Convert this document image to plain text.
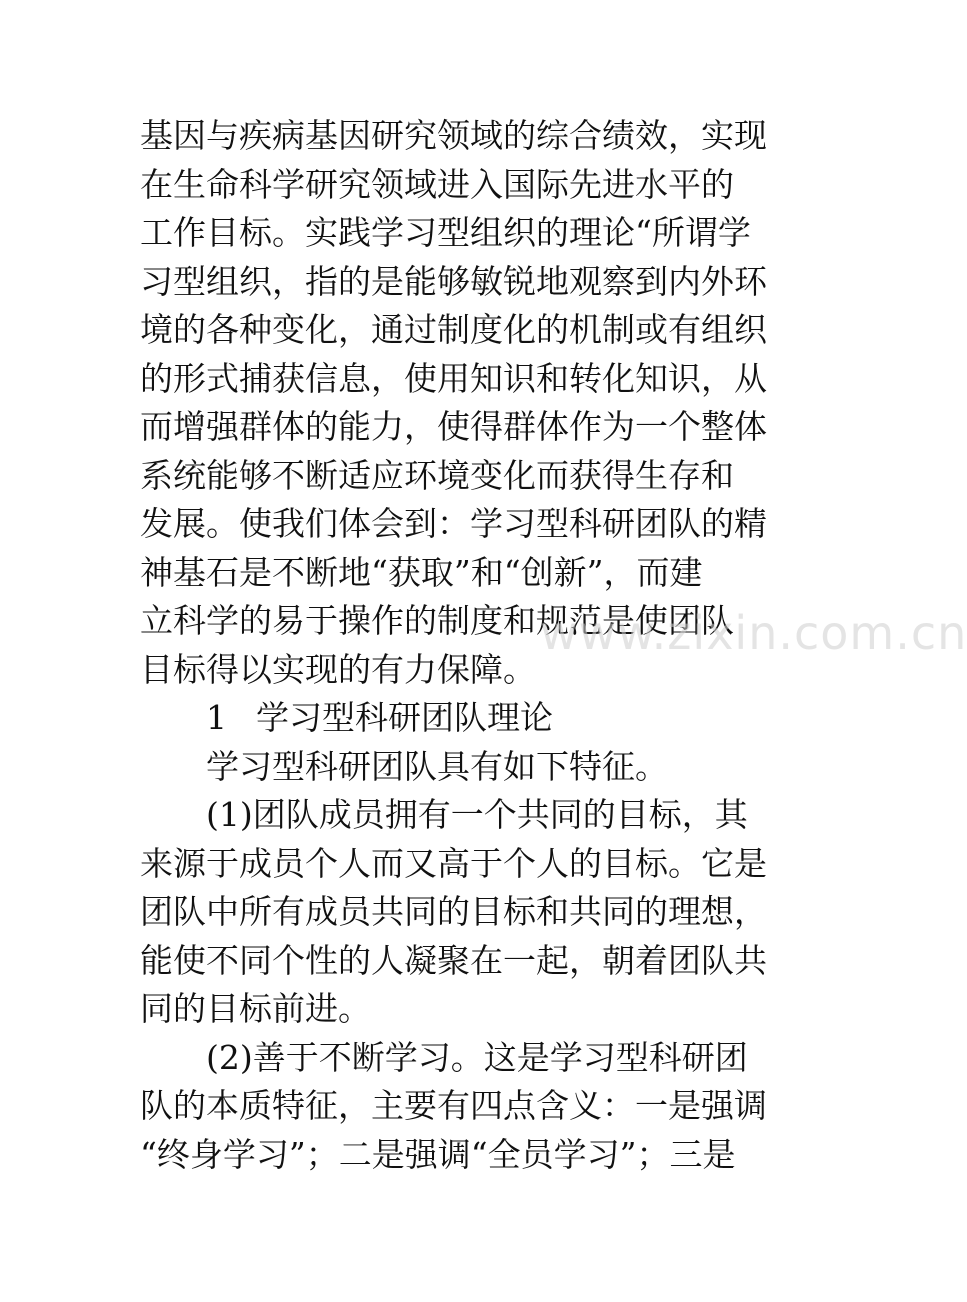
基因与疾病基因研究领域的综合绩效，实现
在生命科学研究领域进入国际先进水平的
工作目标。实践学习型组织的理论“所谓学
习型组织，指的是能够敏锐地观察到内外环
境的各种变化，通过制度化的机制或有组织
的形式捕获信息，使用知识和转化知识，从
而增强群体的能力，使得群体作为一个整体
系统能够不断适应环境变化而获得生存和
发展。使我们体会到：学习型科研团队的精
神基石是不断地“获取”和“创新”，而建
立科学的易于操作的制度和规范是使团队
目标得以实现的有力保障。
1 学习型科研团队理论
学习型科研团队具有如下特征。
(1)团队成员拥有一个共同的目标，其
来源于成员个人而又高于个人的目标。它是
团队中所有成员共同的目标和共同的理想，
能使不同个性的人凝聚在一起，朝着团队共
同的目标前进。
(2)善于不断学习。这是学习型科研团
队的本质特征，主要有四点含义：一是强调
“终身学习”；二是强调“全员学习”；三是
www.zixin.com.cn
